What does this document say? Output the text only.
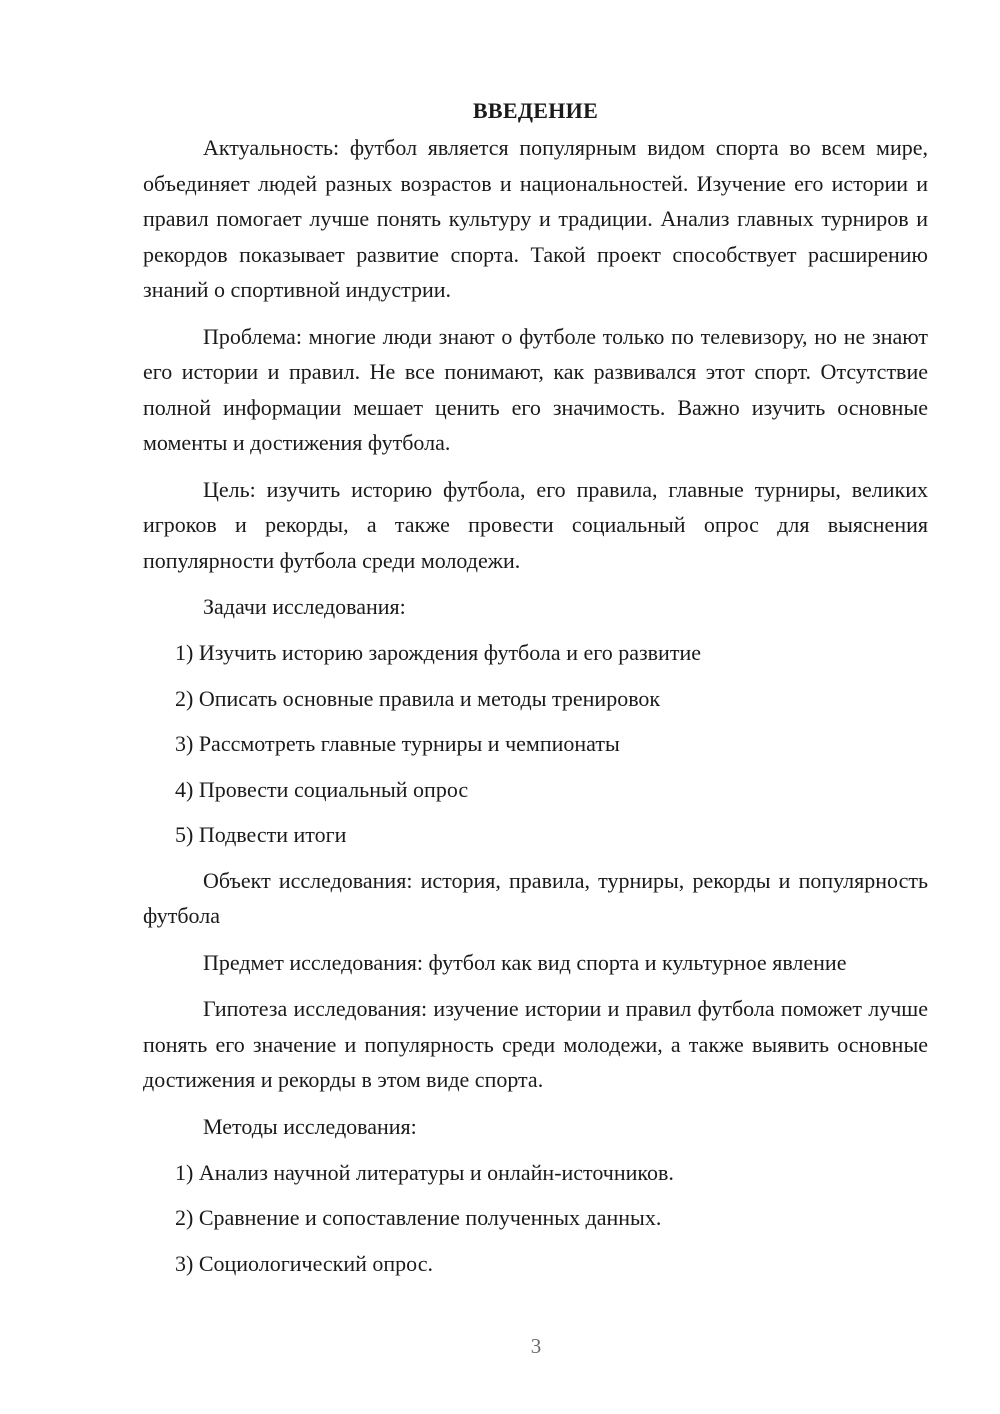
ВВЕДЕНИЕ

Актуальность: футбол является популярным видом спорта во всем мире, объединяет людей разных возрастов и национальностей. Изучение его истории и правил помогает лучше понять культуру и традиции. Анализ главных турниров и рекордов показывает развитие спорта. Такой проект способствует расширению знаний о спортивной индустрии.

Проблема: многие люди знают о футболе только по телевизору, но не знают его истории и правил. Не все понимают, как развивался этот спорт. Отсутствие полной информации мешает ценить его значимость. Важно изучить основные моменты и достижения футбола.

Цель: изучить историю футбола, его правила, главные турниры, великих игроков и рекорды, а также провести социальный опрос для выяснения популярности футбола среди молодежи.

Задачи исследования:
1) Изучить историю зарождения футбола и его развитие
2) Описать основные правила и методы тренировок
3) Рассмотреть главные турниры и чемпионаты
4) Провести социальный опрос
5) Подвести итоги

Объект исследования: история, правила, турниры, рекорды и популярность футбола

Предмет исследования: футбол как вид спорта и культурное явление

Гипотеза исследования: изучение истории и правил футбола поможет лучше понять его значение и популярность среди молодежи, а также выявить основные достижения и рекорды в этом виде спорта.

Методы исследования:
1) Анализ научной литературы и онлайн-источников.
2) Сравнение и сопоставление полученных данных.
3) Социологический опрос.
3
